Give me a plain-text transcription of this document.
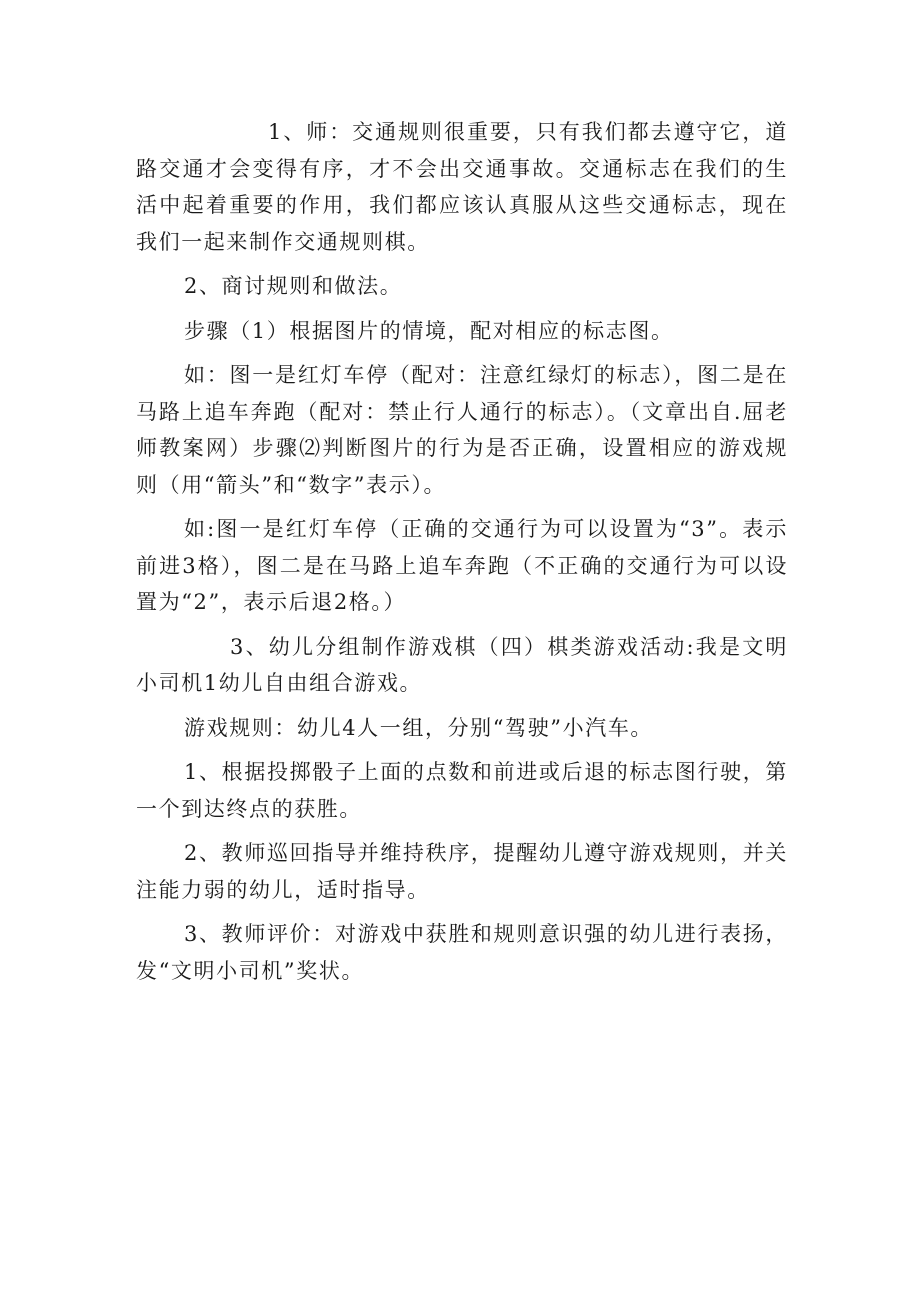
1、师：交通规则很重要，只有我们都去遵守它，道路交通才会变得有序，才不会出交通事故。交通标志在我们的生活中起着重要的作用，我们都应该认真服从这些交通标志，现在我们一起来制作交通规则棋。

2、商讨规则和做法。

步骤（1）根据图片的情境，配对相应的标志图。

如：图一是红灯车停（配对：注意红绿灯的标志），图二是在马路上追车奔跑（配对：禁止行人通行的标志）。（文章出自.屈老师教案网）步骤⑵判断图片的行为是否正确，设置相应的游戏规则（用“箭头”和“数字”表示）。

如:图一是红灯车停（正确的交通行为可以设置为“3”。表示前进3格），图二是在马路上追车奔跑（不正确的交通行为可以设置为“2”，表示后退2格。）

3、幼儿分组制作游戏棋（四）棋类游戏活动:我是文明小司机1幼儿自由组合游戏。

游戏规则：幼儿4人一组，分别“驾驶”小汽车。

1、根据投掷骰子上面的点数和前进或后退的标志图行驶，第一个到达终点的获胜。

2、教师巡回指导并维持秩序，提醒幼儿遵守游戏规则，并关注能力弱的幼儿，适时指导。

3、教师评价：对游戏中获胜和规则意识强的幼儿进行表扬，发“文明小司机”奖状。
